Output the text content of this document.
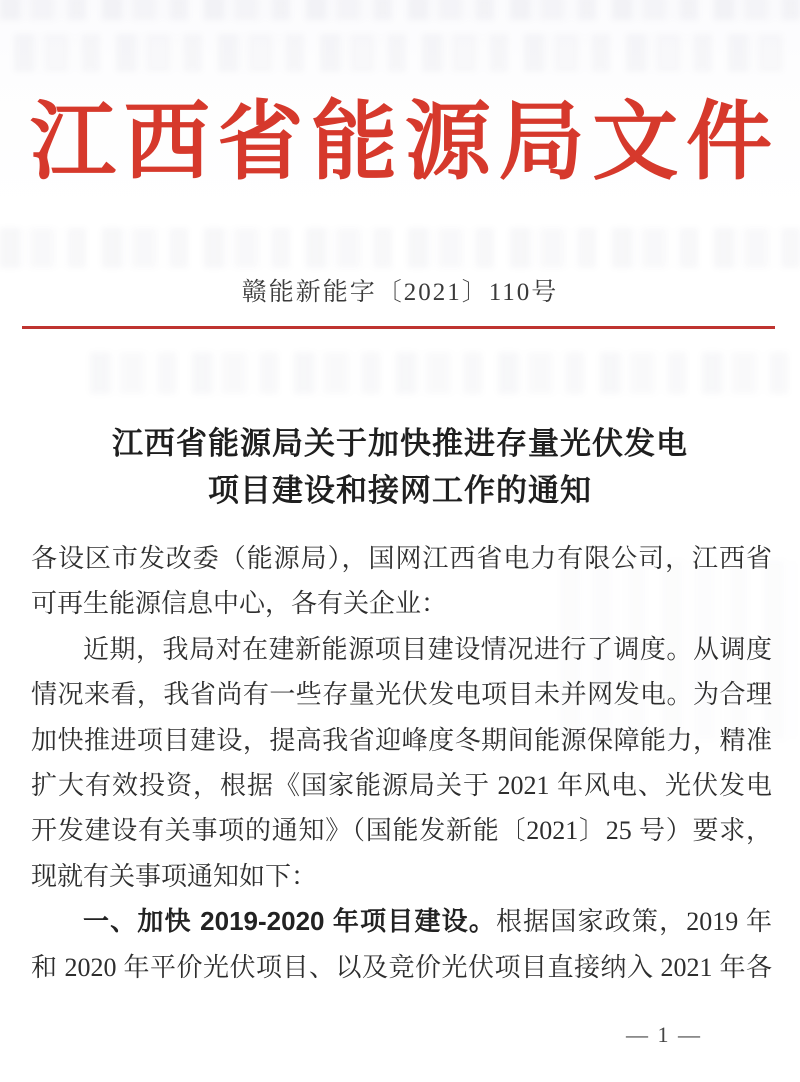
江西省能源局文件
赣能新能字〔2021〕110号
江西省能源局关于加快推进存量光伏发电
项目建设和接网工作的通知
各设区市发改委（能源局），国网江西省电力有限公司，江西省
可再生能源信息中心，各有关企业：
近期，我局对在建新能源项目建设情况进行了调度。从调度
情况来看，我省尚有一些存量光伏发电项目未并网发电。为合理
加快推进项目建设，提高我省迎峰度冬期间能源保障能力，精准
扩大有效投资，根据《国家能源局关于 2021 年风电、光伏发电
开发建设有关事项的通知》（国能发新能〔2021〕25 号）要求，
现就有关事项通知如下：
一、加快 2019-2020 年项目建设。根据国家政策，2019 年
和 2020 年平价光伏项目、以及竞价光伏项目直接纳入 2021 年各
— 1 —
